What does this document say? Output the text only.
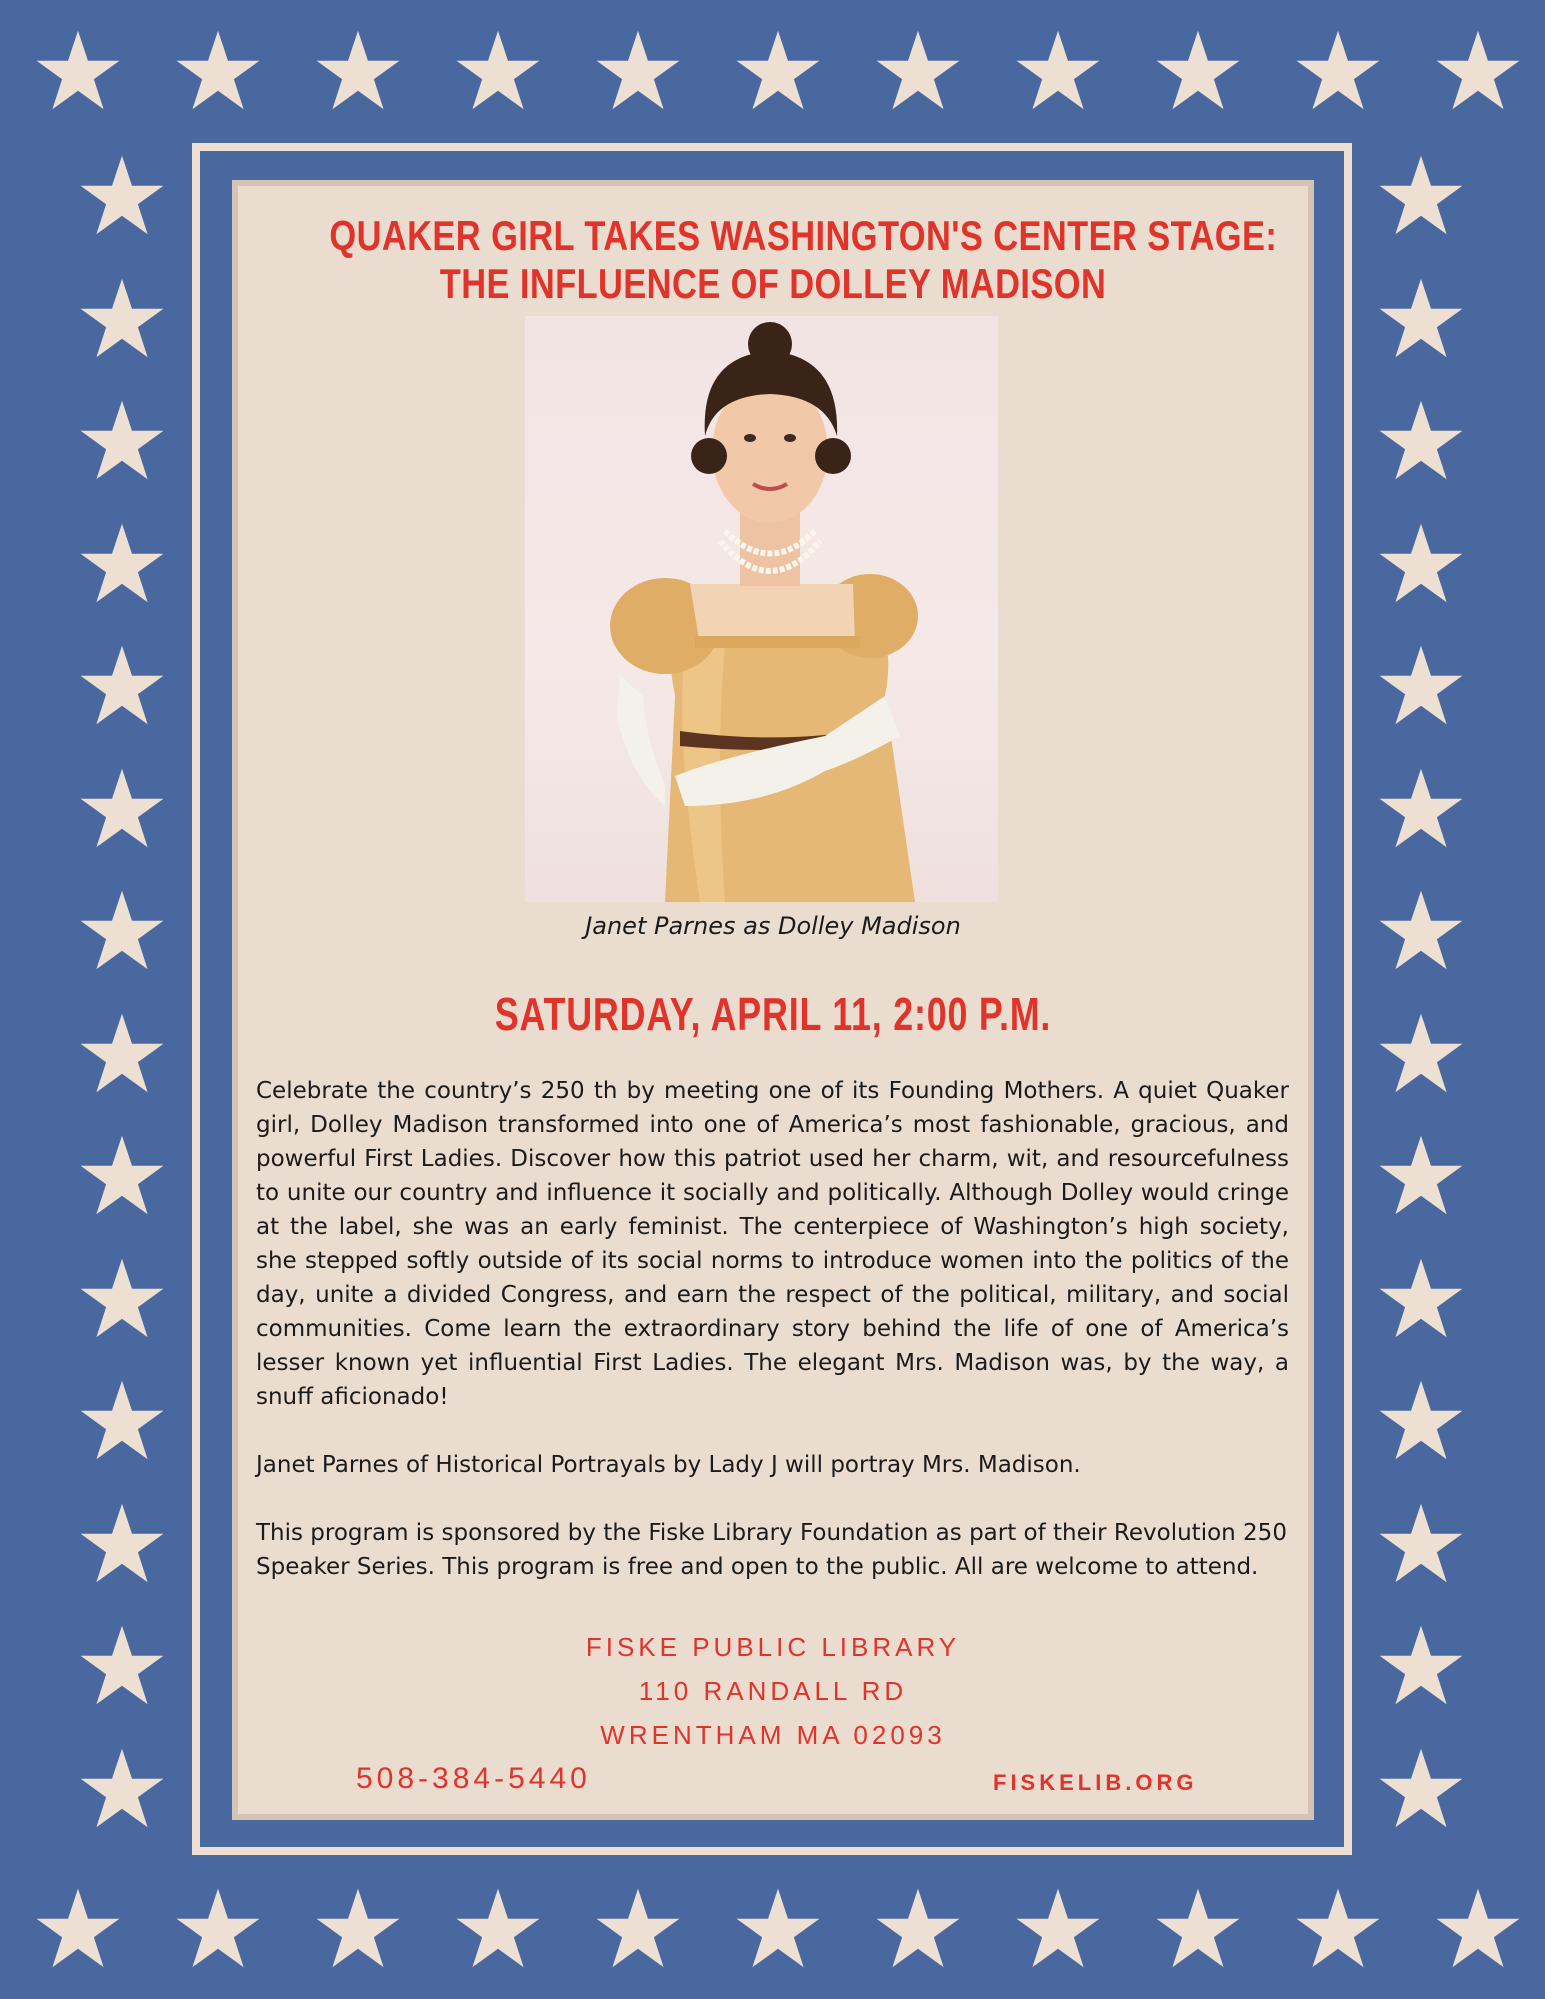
QUAKER GIRL TAKES WASHINGTON'S CENTER STAGE:
THE INFLUENCE OF DOLLEY MADISON
Janet Parnes as Dolley Madison
SATURDAY, APRIL 11, 2:00 P.M.

Celebrate the country’s 250 th by meeting one of its Founding Mothers. A quiet Quaker girl, Dolley Madison transformed into one of America’s most fashionable, gracious, and powerful First Ladies. Discover how this patriot used her charm, wit, and resourcefulness to unite our country and influence it socially and politically. Although Dolley would cringe at the label, she was an early feminist. The centerpiece of Washington’s high society, she stepped softly outside of its social norms to introduce women into the politics of the day, unite a divided Congress, and earn the respect of the political, military, and social communities. Come learn the extraordinary story behind the life of one of America’s lesser known yet influential First Ladies. The elegant Mrs. Madison was, by the way, a snuff aficionado!

Janet Parnes of Historical Portrayals by Lady J will portray Mrs. Madison.

This program is sponsored by the Fiske Library Foundation as part of their Revolution 250 Speaker Series. This program is free and open to the public. All are welcome to attend.

FISKE PUBLIC LIBRARY
110 RANDALL RD
WRENTHAM MA 02093
508-384-5440	FISKELIB.ORG
